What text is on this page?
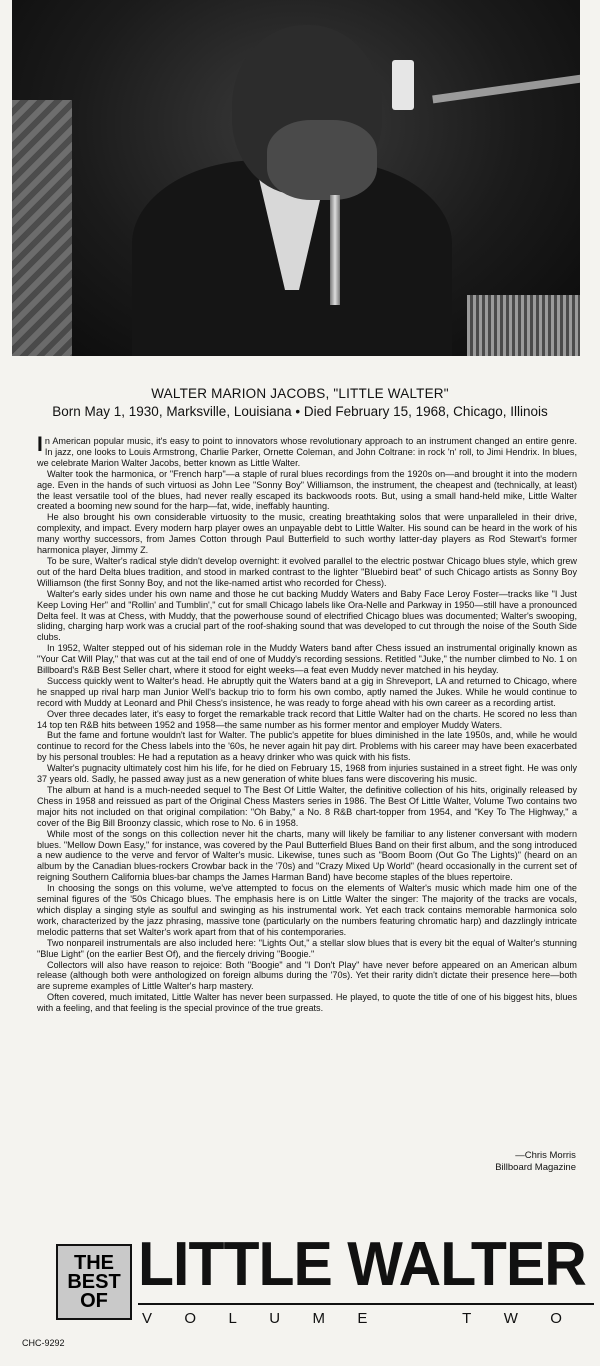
WALTER MARION JACOBS, "LITTLE WALTER"
Born May 1, 1930, Marksville, Louisiana • Died February 15, 1968, Chicago, Illinois

In American popular music, it's easy to point to innovators whose revolutionary approach to an instrument changed an entire genre. In jazz, one looks to Louis Armstrong, Charlie Parker, Ornette Coleman, and John Coltrane: in rock 'n' roll, to Jimi Hendrix. In blues, we celebrate Marion Walter Jacobs, better known as Little Walter.

Walter took the harmonica, or "French harp"—a staple of rural blues recordings from the 1920s on—and brought it into the modern age. Even in the hands of such virtuosi as John Lee "Sonny Boy" Williamson, the instrument, the cheapest and (technically, at least) the least versatile tool of the blues, had never really escaped its backwoods roots. But, using a small hand-held mike, Little Walter created a booming new sound for the harp—fat, wide, ineffably haunting.

He also brought his own considerable virtuosity to the music, creating breathtaking solos that were unparalleled in their drive, complexity, and impact. Every modern harp player owes an unpayable debt to Little Walter. His sound can be heard in the work of his many worthy successors, from James Cotton through Paul Butterfield to such worthy latter-day players as Rod Stewart's former harmonica player, Jimmy Z.

To be sure, Walter's radical style didn't develop overnight: it evolved parallel to the electric postwar Chicago blues style, which grew out of the hard Delta blues tradition, and stood in marked contrast to the lighter "Bluebird beat" of such Chicago artists as Sonny Boy Williamson (the first Sonny Boy, and not the like-named artist who recorded for Chess).

Walter's early sides under his own name and those he cut backing Muddy Waters and Baby Face Leroy Foster—tracks like "I Just Keep Loving Her" and "Rollin' and Tumblin'," cut for small Chicago labels like Ora-Nelle and Parkway in 1950—still have a pronounced Delta feel. It was at Chess, with Muddy, that the powerhouse sound of electrified Chicago blues was documented; Walter's swooping, sliding, charging harp work was a crucial part of the roof-shaking sound that was developed to cut through the noise of the South Side clubs.

In 1952, Walter stepped out of his sideman role in the Muddy Waters band after Chess issued an instrumental originally known as "Your Cat Will Play," that was cut at the tail end of one of Muddy's recording sessions. Retitled "Juke," the number climbed to No. 1 on Billboard's R&B Best Seller chart, where it stood for eight weeks—a feat even Muddy never matched in his heyday.

Success quickly went to Walter's head. He abruptly quit the Waters band at a gig in Shreveport, LA and returned to Chicago, where he snapped up rival harp man Junior Well's backup trio to form his own combo, aptly named the Jukes. While he would continue to record with Muddy at Leonard and Phil Chess's insistence, he was ready to forge ahead with his own career as a recording artist.

Over three decades later, it's easy to forget the remarkable track record that Little Walter had on the charts. He scored no less than 14 top ten R&B hits between 1952 and 1958—the same number as his former mentor and employer Muddy Waters.

But the fame and fortune wouldn't last for Walter. The public's appetite for blues diminished in the late 1950s, and, while he would continue to record for the Chess labels into the '60s, he never again hit pay dirt. Problems with his career may have been exacerbated by his personal troubles: He had a reputation as a heavy drinker who was quick with his fists.

Walter's pugnacity ultimately cost him his life, for he died on February 15, 1968 from injuries sustained in a street fight. He was only 37 years old. Sadly, he passed away just as a new generation of white blues fans were discovering his music.

The album at hand is a much-needed sequel to The Best Of Little Walter, the definitive collection of his hits, originally released by Chess in 1958 and reissued as part of the Original Chess Masters series in 1986. The Best Of Little Walter, Volume Two contains two major hits not included on that original compilation: "Oh Baby," a No. 8 R&B chart-topper from 1954, and "Key To The Highway," a cover of the Big Bill Broonzy classic, which rose to No. 6 in 1958.

While most of the songs on this collection never hit the charts, many will likely be familiar to any listener conversant with modern blues. "Mellow Down Easy," for instance, was covered by the Paul Butterfield Blues Band on their first album, and the song introduced a new audience to the verve and fervor of Walter's music. Likewise, tunes such as "Boom Boom (Out Go The Lights)" (heard on an album by the Canadian blues-rockers Crowbar back in the '70s) and "Crazy Mixed Up World" (heard occasionally in the current set of reigning Southern California blues-bar champs the James Harman Band) have become staples of the blues repertoire.

In choosing the songs on this volume, we've attempted to focus on the elements of Walter's music which made him one of the seminal figures of the '50s Chicago blues. The emphasis here is on Little Walter the singer: The majority of the tracks are vocals, which display a singing style as soulful and swinging as his instrumental work. Yet each track contains memorable harmonica solo work, characterized by the jazz phrasing, massive tone (particularly on the numbers featuring chromatic harp) and dazzlingly intricate melodic patterns that set Walter's work apart from that of his contemporaries.

Two nonpareil instrumentals are also included here: "Lights Out," a stellar slow blues that is every bit the equal of Walter's stunning "Blue Light" (on the earlier Best Of), and the fiercely driving "Boogie."

Collectors will also have reason to rejoice: Both "Boogie" and "I Don't Play" have never before appeared on an American album release (although both were anthologized on foreign albums during the '70s). Yet their rarity didn't dictate their presence here—both are supreme examples of Little Walter's harp mastery.

Often covered, much imitated, Little Walter has never been surpassed. He played, to quote the title of one of his biggest hits, blues with a feeling, and that feeling is the special province of the true greats.

—Chris Morris
Billboard Magazine
THE
BEST
OF
LITTLE WALTER
V O L U M E	T W O
CHC-9292
